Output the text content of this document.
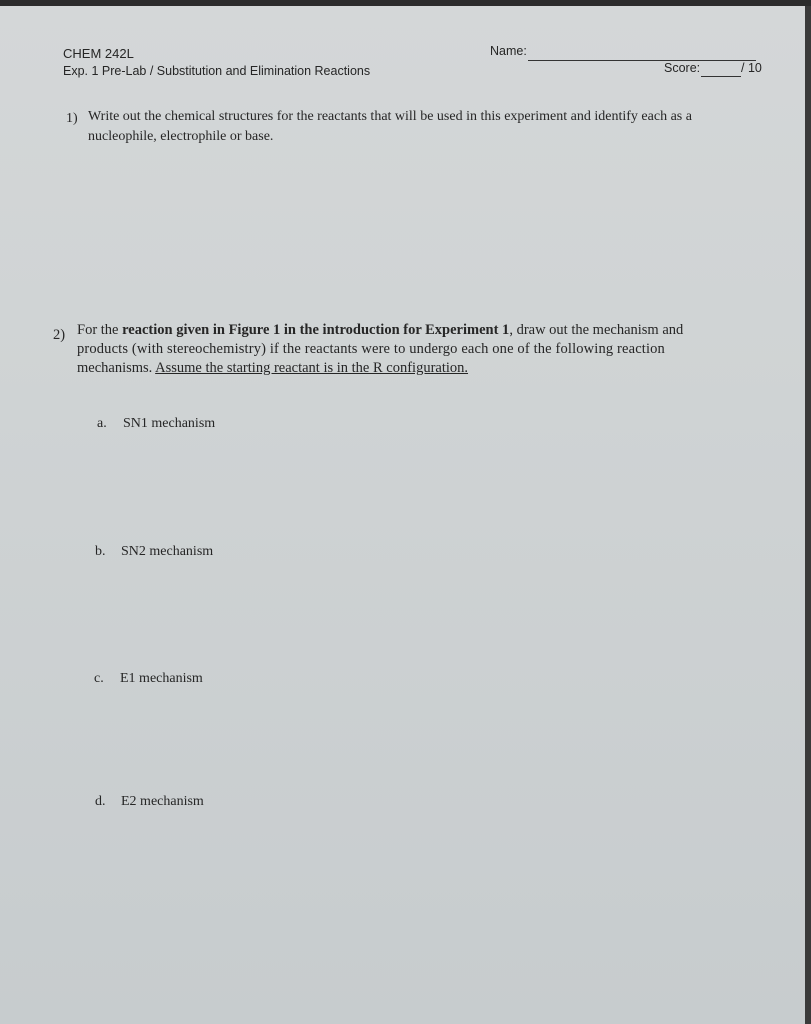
CHEM 242L
Exp. 1 Pre-Lab / Substitution and Elimination Reactions
Name:
Score:	/ 10
1) Write out the chemical structures for the reactants that will be used in this experiment and identify each as a
nucleophile, electrophile or base.
2) For the reaction given in Figure 1 in the introduction for Experiment 1, draw out the mechanism and
products (with stereochemistry) if the reactants were to undergo each one of the following reaction
mechanisms. Assume the starting reactant is in the R configuration.
a. SN1 mechanism
b. SN2 mechanism
c. E1 mechanism
d. E2 mechanism
